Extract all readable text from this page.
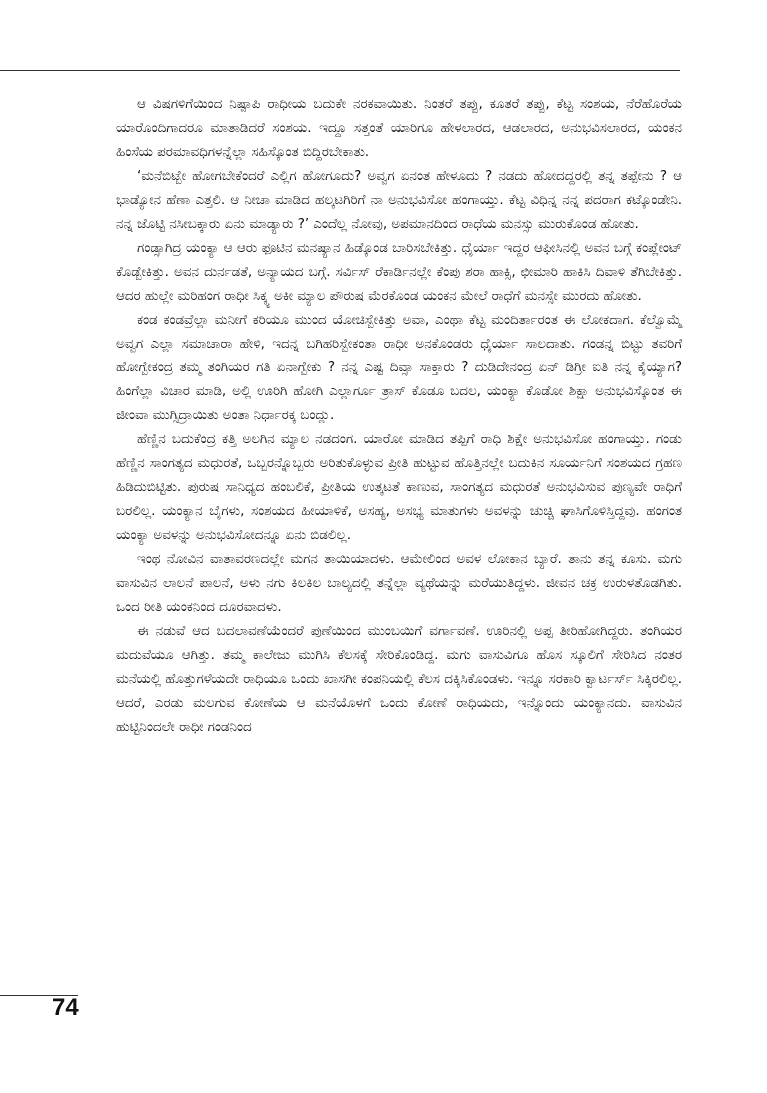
ಆ ವಿಷಗಳಿಗೆಯಿಂದ ನಿಷ್ಪಾಪಿ ರಾಧೀಯ ಬದುಕೇ ನರಕವಾಯಿತು. ನಿಂತರೆ ತಪ್ಪು, ಕೂತರೆ ತಪ್ಪು, ಕೆಟ್ಟ ಸಂಶಯ, ನೆರೆಹೊರೆಯ ಯಾರೊಂದಿಗಾದರೂ ಮಾತಾಡಿದರೆ ಸಂಶಯ. ಇದ್ದೂ ಸತ್ತಂತೆ ಯಾರಿಗೂ ಹೇಳಲಾರದ, ಆಡಲಾರದ, ಅನುಭವಿಸಲಾರದ, ಯಂಕನ ಹಿಂಸೆಯ ಪರಮಾವಧಿಗಳನ್ನೆಲ್ಲಾ ಸಹಿಸ್ಕೊಂತ ಬಿದ್ದಿರಬೇಕಾತು.

‘ಮನೆಬಿಟ್ಬೇ ಹೋಗಬೇಕೆಂದರೆ ಎಲ್ಲಿಗ ಹೋಗೂದು? ಅವ್ವಗ ಏನಂತ ಹೇಳೂದು ? ನಡದು ಹೋದದ್ದರಲ್ಲಿ ತನ್ನ ತಪ್ಪೇನು ? ಆ ಭಾಡ್ಯೋನ ಹೆಣಾ ಎತ್ತಲಿ. ಆ ನೀಚಾ ಮಾಡಿದ ಹಲ್ಕಟಗಿರಿಗೆ ನಾ ಅನುಭವಿಸೋ ಹಂಗಾಯ್ತು. ಕೆಟ್ಟ ವಿಧಿನ್ನ ನನ್ನ ಪದರಾಗ ಕಟ್ಕೊಂಡೇನಿ. ನನ್ನ ಜೊಟ್ಟಿ ನಸೀಬಕ್ಕಾರು ಏನು ಮಾಡ್ಯಾರು ?’ ಎಂದೆಲ್ಲ ನೋವು, ಅಪಮಾನದಿಂದ ರಾಧೆಯ ಮನಸ್ಸು ಮುರುಕೊಂಡ ಹೋತು.

ಗಂಡ್ಸಾಗಿದ್ರ ಯಂಕ್ಯಾ ಆ ಆರು ಫೂಟಿನ ಮನಷ್ಯಾನ ಹಿಡ್ಕೊಂಡ ಬಾರಿಸಬೇಕಿತ್ತು. ಧೈರ್ಯಾ ಇದ್ದರ ಆಫೀಸಿನಲ್ಲಿ ಅವನ ಬಗ್ಗೆ ಕಂಪ್ಲೇಂಟ್ ಕೊಡ್ಬೇಕಿತ್ತು. ಅವನ ದುರ್ನಡತೆ, ಅನ್ಯಾಯದ ಬಗ್ಗೆ. ಸರ್ವಿಸ್ ರೆಕಾರ್ಡಿನಲ್ಲೇ ಕೆಂಪು ಶರಾ ಹಾಕ್ಸಿ, ಛೀಮಾರಿ ಹಾಕಿಸಿ ದಿವಾಳಿ ತೆಗಿಬೇಕಿತ್ತು. ಆದರ ಹುಲ್ಲೇ ಮರಿಹಂಗ ರಾಧೀ ಸಿಕ್ಕ್ಯ ಅಕೀ ಮ್ಯಾಲ ಪೌರುಷ ಮೆರಕೊಂಡ ಯಂಕನ ಮೇಲೆ ರಾಧೆಗೆ ಮನಸ್ಸೇ ಮುರದು ಹೋತು.

ಕಂಡ ಕಂಡವ್ರೆಲ್ಲಾ ಮನೀಗೆ ಕರಿಯೂ ಮುಂದ ಯೋಚಿಸ್ಬೇಕಿತ್ತು ಅವಾ, ಎಂಥಾ ಕೆಟ್ಟ ಮಂದಿರ್ತಾರಂತ ಈ ಲೋಕದಾಗ. ಕೆಲ್ವೊಮ್ಮೆ ಅವ್ವಗ ಎಲ್ಲಾ ಸಮಾಚಾರಾ ಹೇಳಿ, ಇದನ್ನ ಬಗಿಹರಿಸ್ಬೇಕಂತಾ ರಾಧೀ ಅನಕೊಂಡರು ಧೈರ್ಯಾ ಸಾಲದಾತು. ಗಂಡನ್ನ ಬಿಟ್ಟು ತವರಿಗೆ ಹೋಗ್ಬೇಕಂದ್ರ ತಮ್ಮ ತಂಗಿಯರ ಗತಿ ಏನಾಗ್ಬೇಕು ? ನನ್ನ ಎಷ್ಟ ದಿವ್ಸಾ ಸಾಕ್ತಾರು ? ದುಡಿದೇನಂದ್ರ ಏನ್ ಡಿಗ್ರೀ ಐತಿ ನನ್ನ ಕೈಯ್ಯಾಗ? ಹಿಂಗೆಲ್ಲಾ ವಿಚಾರ ಮಾಡಿ, ಅಲ್ಲಿ ಊರಿಗಿ ಹೋಗಿ ಎಲ್ಲಾರ್ಗೂ ತ್ರಾಸ್ ಕೊಡೂ ಬದಲ, ಯಂಕ್ಯಾ ಕೊಡೋ ಶಿಕ್ಷಾ ಅನುಭವಿಸ್ಕೊಂತ ಈ ಜೀಂವಾ ಮುಗ್ಸಿದ್ರಾಯಿತು ಅಂತಾ ನಿರ್ಧಾರಕ್ಕ ಬಂದ್ಲು.

ಹೆಣ್ಣಿನ ಬದುಕೆಂದ್ರ ಕತ್ತಿ ಅಲಗಿನ ಮ್ಯಾಲ ನಡದಂಗ. ಯಾರೋ ಮಾಡಿದ ತಪ್ಪಿಗೆ ರಾಧಿ ಶಿಕ್ಷೇ ಅನುಭವಿಸೋ ಹಂಗಾಯ್ತು. ಗಂಡು ಹೆಣ್ಣಿನ ಸಾಂಗತ್ಯದ ಮಧುರತೆ, ಒಬ್ಬರನ್ನೊಬ್ಬರು ಅರಿತುಕೊಳ್ಳುವ ಪ್ರೀತಿ ಹುಟ್ಟುವ ಹೊತ್ತಿನಲ್ಲೇ ಬದುಕಿನ ಸೂರ್ಯನಿಗೆ ಸಂಶಯದ ಗ್ರಹಣ ಹಿಡಿದುಬಿಟ್ಟಿತು. ಪುರುಷ ಸಾನಿಧ್ಯದ ಹಂಬಲಿಕೆ, ಪ್ರೀತಿಯ ಉತ್ಕಟತೆ ಕಾಣುವ, ಸಾಂಗತ್ಯದ ಮಧುರತೆ ಅನುಭವಿಸುವ ಪುಣ್ಯವೇ ರಾಧಿಗೆ ಬರಲಿಲ್ಲ. ಯಂಕ್ಯಾನ ಬೈಗಳು, ಸಂಶಯದ ಹೀಯಾಳಿಕೆ, ಅಸಹ್ಯ, ಅಸಭ್ಯ ಮಾತುಗಳು ಅವಳನ್ನು ಚುಚ್ಚಿ ಘಾಸಿಗೊಳಿಸ್ತಿದ್ದವು. ಹಂಗಂತ ಯಂಕ್ಯಾ ಅವಳನ್ನು ಅನುಭವಿಸೋದನ್ನೂ ಏನು ಬಿಡಲಿಲ್ಲ.

ಇಂಥ ನೋವಿನ ವಾತಾವರಣದಲ್ಲೇ ಮಗನ ತಾಯಿಯಾದಳು. ಆಮೇಲಿಂದ ಅವಳ ಲೋಕಾನ ಬ್ಯಾರೆ. ತಾನು ತನ್ನ ಕೂಸು. ಮಗು ವಾಸುವಿನ ಲಾಲನೆ ಪಾಲನೆ, ಅಳು ನಗು ಕಿಲಕಿಲ ಬಾಲ್ಯದಲ್ಲಿ ತನ್ನೆಲ್ಲಾ ವ್ಯಥೆಯನ್ನು ಮರೆಯುತಿದ್ದಳು. ಜೀವನ ಚಕ್ರ ಉರುಳತೊಡಗಿತು. ಒಂದ ರೀತಿ ಯಂಕನಿಂದ ದೂರವಾದಳು.

ಈ ನಡುವೆ ಆದ ಬದಲಾವಣೆಯೆಂದರೆ ಪುಣೆಯಿಂದ ಮುಂಬಯಿಗೆ ವರ್ಗಾವಣೆ. ಊರಿನಲ್ಲಿ ಅಪ್ಪ ತೀರಿಹೋಗಿದ್ದರು. ತಂಗಿಯರ ಮದುವೆಯೂ ಆಗಿತ್ತು. ತಮ್ಮ ಕಾಲೇಜು ಮುಗಿಸಿ ಕೆಲಸಕ್ಕೆ ಸೇರಿಕೊಂಡಿದ್ದ. ಮಗು ವಾಸುವಿಗೂ ಹೊಸ ಸ್ಕೂಲಿಗೆ ಸೇರಿಸಿದ ನಂತರ ಮನೆಯಲ್ಲಿ ಹೊತ್ತುಗಳೆಯದೇ ರಾಧಿಯೂ ಒಂದು ಖಾಸಗೀ ಕಂಪನಿಯಲ್ಲಿ ಕೆಲಸ ದಕ್ಕಿಸಿಕೊಂಡಳು. ಇನ್ನೂ ಸರಕಾರಿ ಕ್ವಾರ್ಟರ್ಸ್ ಸಿಕ್ಕಿರಲಿಲ್ಲ. ಆದರೆ, ಎರಡು ಮಲಗುವ ಕೋಣೆಯ ಆ ಮನೆಯೊಳಗೆ ಒಂದು ಕೋಣೆ ರಾಧಿಯದು, ಇನ್ನೊಂದು ಯಂಕ್ಯಾನದು. ವಾಸುವಿನ ಹುಟ್ಟಿನಿಂದಲೇ ರಾಧೀ ಗಂಡನಿಂದ

74
